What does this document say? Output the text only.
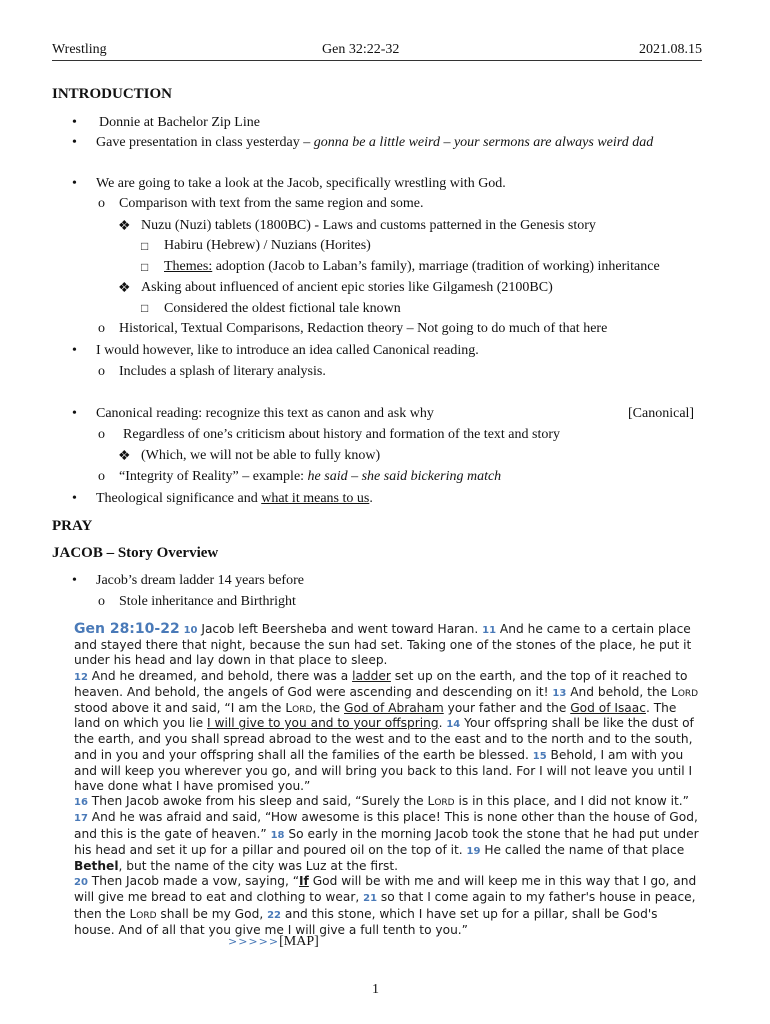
Wrestling	Gen 32:22-32	2021.08.15
INTRODUCTION
• Donnie at Bachelor Zip Line
• Gave presentation in class yesterday – gonna be a little weird – your sermons are always weird dad
• We are going to take a look at the Jacob, specifically wrestling with God.
o Comparison with text from the same region and some.
❖ Nuzu (Nuzi) tablets (1800BC) - Laws and customs patterned in the Genesis story
□ Habiru (Hebrew) / Nuzians (Horites)
□ Themes: adoption (Jacob to Laban’s family), marriage (tradition of working) inheritance
❖ Asking about influenced of ancient epic stories like Gilgamesh (2100BC)
□ Considered the oldest fictional tale known
o Historical, Textual Comparisons, Redaction theory – Not going to do much of that here
• I would however, like to introduce an idea called Canonical reading.
o Includes a splash of literary analysis.
• Canonical reading: recognize this text as canon and ask why	[Canonical]
o Regardless of one’s criticism about history and formation of the text and story
❖ (Which, we will not be able to fully know)
o “Integrity of Reality” – example: he said – she said bickering match
• Theological significance and what it means to us.
PRAY
JACOB – Story Overview
• Jacob’s dream ladder 14 years before
o Stole inheritance and Birthright

Gen 28:10-22 10 Jacob left Beersheba and went toward Haran. 11 And he came to a certain place and stayed there that night, because the sun had set. Taking one of the stones of the place, he put it under his head and lay down in that place to sleep.

12 And he dreamed, and behold, there was a ladder set up on the earth, and the top of it reached to heaven. And behold, the angels of God were ascending and descending on it! 13 And behold, the Lord stood above it and said, “I am the Lord, the God of Abraham your father and the God of Isaac. The land on which you lie I will give to you and to your offspring. 14 Your offspring shall be like the dust of the earth, and you shall spread abroad to the west and to the east and to the north and to the south, and in you and your offspring shall all the families of the earth be blessed. 15 Behold, I am with you and will keep you wherever you go, and will bring you back to this land. For I will not leave you until I have done what I have promised you.”

16 Then Jacob awoke from his sleep and said, “Surely the Lord is in this place, and I did not know it.” 17 And he was afraid and said, “How awesome is this place! This is none other than the house of God, and this is the gate of heaven.” 18 So early in the morning Jacob took the stone that he had put under his head and set it up for a pillar and poured oil on the top of it. 19 He called the name of that place Bethel, but the name of the city was Luz at the first.

20 Then Jacob made a vow, saying, “If God will be with me and will keep me in this way that I go, and will give me bread to eat and clothing to wear, 21 so that I come again to my father's house in peace, then the Lord shall be my God, 22 and this stone, which I have set up for a pillar, shall be God's house. And of all that you give me I will give a full tenth to you.”

>>>>>[MAP]
1
